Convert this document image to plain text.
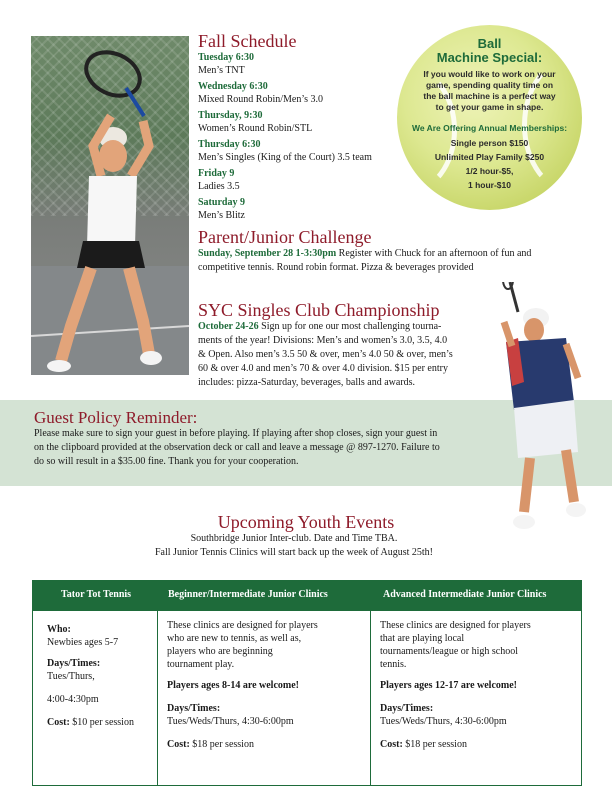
Fall Schedule
Tuesday 6:30
Men’s TNT
Wednesday 6:30
Mixed Round Robin/Men’s 3.0
Thursday, 9:30
Women’s Round Robin/STL
Thursday 6:30
Men’s Singles (King of the Court) 3.5 team
Friday 9
Ladies 3.5
Saturday 9
Men’s Blitz
Ball
Machine Special:
If you would like to work on your game, spending quality time on the ball machine is a perfect way to get your game in shape.
We Are Offering Annual Memberships:
Single person $150
Unlimited Play Family $250
1/2 hour-$5,
1 hour-$10
Parent/Junior Challenge
Sunday, September 28 1-3:30pm Register with Chuck for an afternoon of fun and competitive tennis. Round robin format. Pizza & beverages provided
SYC Singles Club Championship
October 24-26 Sign up for one our most challenging tourna-
ments of the year! Divisions: Men’s and women’s 3.0, 3.5, 4.0
& Open. Also men’s 3.5 50 & over, men’s 4.0 50 & over, men’s
60 & over 4.0 and men’s 70 & over 4.0 division. $15 per entry
includes: pizza-Saturday, beverages, balls and awards.
Guest Policy Reminder:
Please make sure to sign your guest in before playing. If playing after shop closes, sign your guest in
on the clipboard provided at the observation deck or call and leave a message @ 897-1270. Failure to
do so will result in a $35.00 fine. Thank you for your cooperation.
Upcoming Youth Events
Southbridge Junior Inter-club. Date and Time TBA.
Fall Junior Tennis Clinics will start back up the week of August 25th!
Tator Tot Tennis	Beginner/Intermediate Junior Clinics	Advanced Intermediate Junior Clinics
Who:
Newbies ages 5-7
Days/Times:
Tues/Thurs,
4:00-4:30pm
Cost: $10 per session
These clinics are designed for players
who are new to tennis, as well as,
players who are beginning
tournament play.
Players ages 8-14 are welcome!
Days/Times:
Tues/Weds/Thurs, 4:30-6:00pm
Cost: $18 per session
These clinics are designed for players
that are playing local
tournaments/league or high school
tennis.
Players ages 12-17 are welcome!
Days/Times:
Tues/Weds/Thurs, 4:30-6:00pm
Cost: $18 per session
